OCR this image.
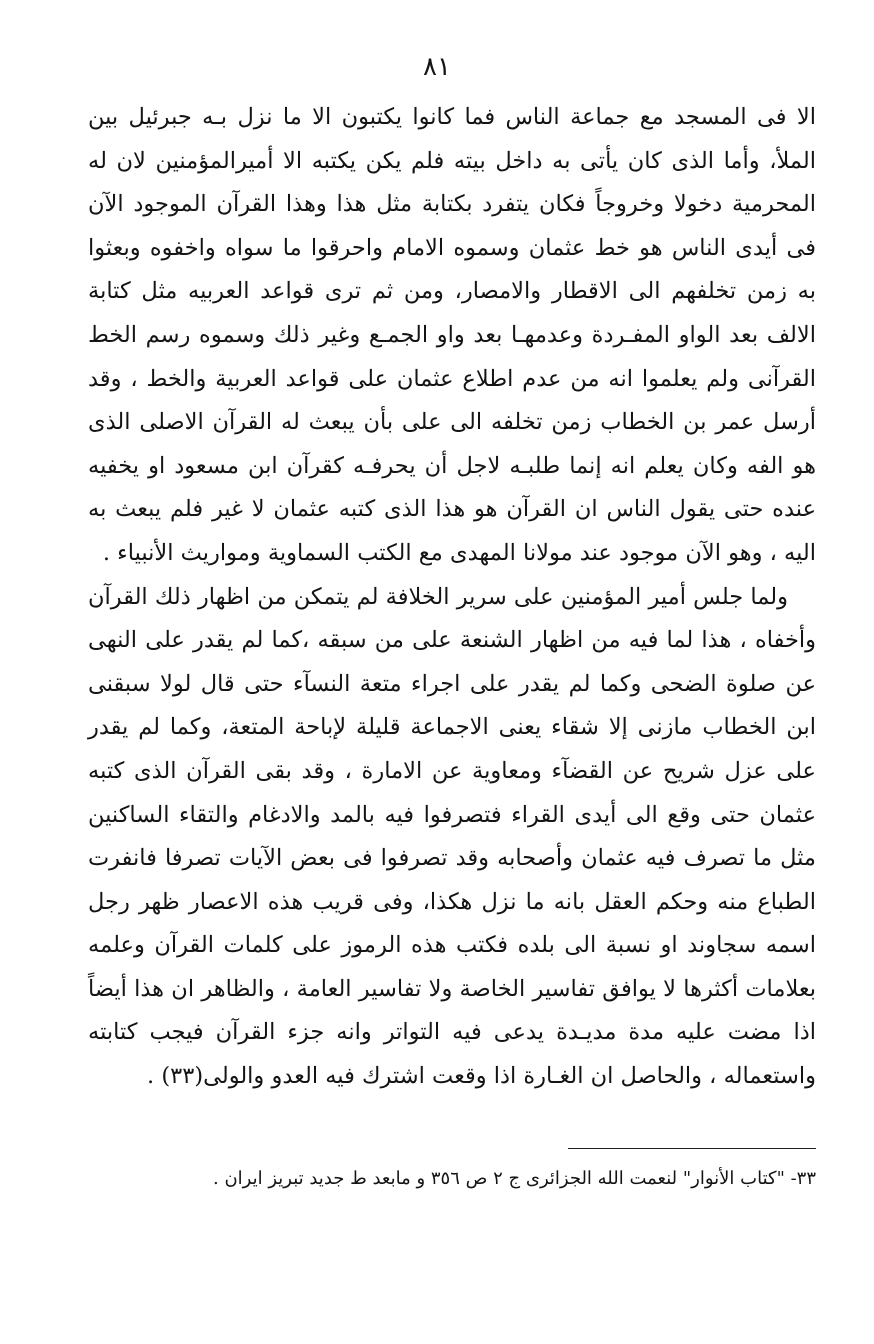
٨١

الا فى المسجد مع جماعة الناس فما كانوا يكتبون الا ما نزل بـه جبرئيل بين الملأ، وأما الذى كان يأتى به داخل بيته فلم يكن يكتبه الا أميرالمؤمنين لان له المحرمية دخولا وخروجاً فكان يتفرد بكتابة مثل هذا وهذا القرآن الموجود الآن فى أيدى الناس هو خط عثمان وسموه الامام واحرقوا ما سواه واخفوه وبعثوا به زمن تخلفهم الى الاقطار والامصار، ومن ثم ترى قواعد العربيه مثل كتابة الالف بعد الواو المفـردة وعدمهـا بعد واو الجمـع وغير ذلك وسموه رسم الخط القرآنى ولم يعلموا انه من عدم اطلاع عثمان على قواعد العربية والخط ، وقد أرسل عمر بن الخطاب زمن تخلفه الى على بأن يبعث له القرآن الاصلى الذى هو الفه وكان يعلم انه إنما طلبـه لاجل أن يحرفـه كقرآن ابن مسعود او يخفيه عنده حتى يقول الناس ان القرآن هو هذا الذى كتبه عثمان لا غير فلم يبعث به اليه ، وهو الآن موجود عند مولانا المهدى مع الكتب السماوية ومواريث الأنبياء .

ولما جلس أمير المؤمنين على سرير الخلافة لم يتمكن من اظهار ذلك القرآن وأخفاه ، هذا لما فيه من اظهار الشنعة على من سبقه ،كما لم يقدر على النهى عن صلوة الضحى وكما لم يقدر على اجراء متعة النسآء حتى قال لولا سبقنى ابن الخطاب مازنى إلا شقاء يعنى الاجماعة قليلة لإباحة المتعة، وكما لم يقدر على عزل شريح عن القضآء ومعاوية عن الامارة ، وقد بقى القرآن الذى كتبه عثمان حتى وقع الى أيدى القراء فتصرفوا فيه بالمد والادغام والتقاء الساكنين مثل ما تصرف فيه عثمان وأصحابه وقد تصرفوا فى بعض الآيات تصرفا فانفرت الطباع منه وحكم العقل بانه ما نزل هكذا، وفى قريب هذه الاعصار ظهر رجل اسمه سجاوند او نسبة الى بلده فكتب هذه الرموز على كلمات القرآن وعلمه بعلامات أكثرها لا يوافق تفاسير الخاصة ولا تفاسير العامة ، والظاهر ان هذا أيضاً اذا مضت عليه مدة مديـدة يدعى فيه التواتر وانه جزء القرآن فيجب كتابته واستعماله ، والحاصل ان الغـارة اذا وقعت اشترك فيه العدو والولى(٣٣) .

٣٣- "كتاب الأنوار" لنعمت الله الجزائرى ج ٢ ص ٣٥٦ و مابعد ط جديد تبريز ايران .
